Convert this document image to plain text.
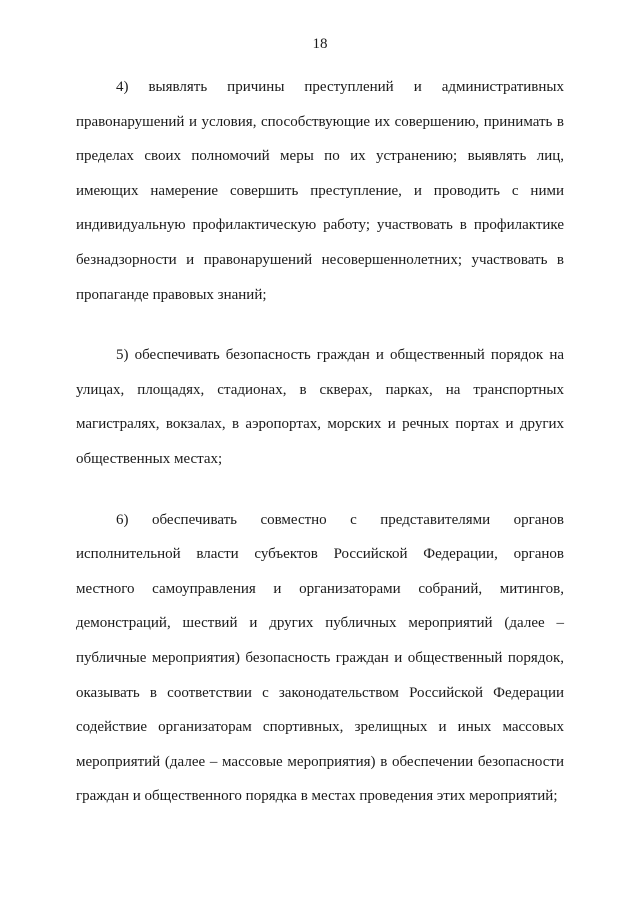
18
4) выявлять причины преступлений и административных
правонарушений и условия, способствующие их совершению, принимать в
пределах своих полномочий меры по их устранению; выявлять лиц,
имеющих намерение совершить преступление, и проводить с ними
индивидуальную профилактическую работу; участвовать в профилактике
безнадзорности и правонарушений несовершеннолетних; участвовать в
пропаганде правовых знаний;
5) обеспечивать безопасность граждан и общественный порядок на
улицах, площадях, стадионах, в скверах, парках, на транспортных
магистралях, вокзалах, в аэропортах, морских и речных портах и других
общественных местах;
6) обеспечивать совместно с представителями органов
исполнительной власти субъектов Российской Федерации, органов
местного самоуправления и организаторами собраний, митингов,
демонстраций, шествий и других публичных мероприятий (далее –
публичные мероприятия) безопасность граждан и общественный порядок,
оказывать в соответствии с законодательством Российской Федерации
содействие организаторам спортивных, зрелищных и иных массовых
мероприятий (далее – массовые мероприятия) в обеспечении безопасности
граждан и общественного порядка в местах проведения этих мероприятий;
